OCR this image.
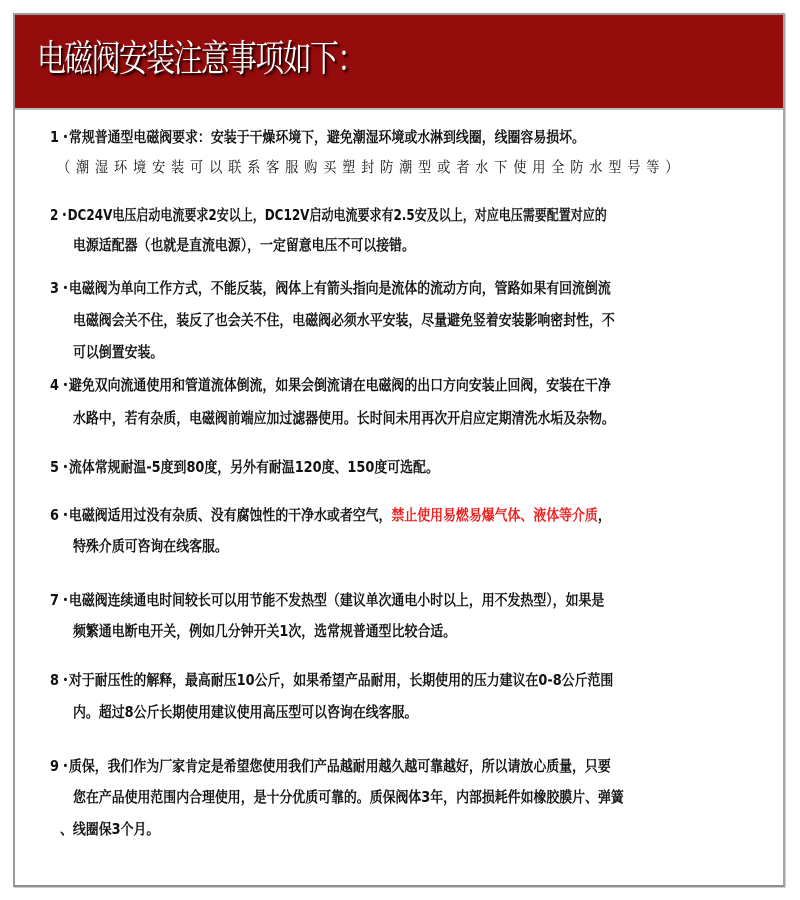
电磁阀安装注意事项如下：
1・常规普通型电磁阀要求：安装于干燥环境下，避免潮湿环境或水淋到线圈，线圈容易损坏。
（潮湿环境安装可以联系客服购买塑封防潮型或者水下使用全防水型号等）
2・DC24V电压启动电流要求2安以上，DC12V启动电流要求有2.5安及以上，对应电压需要配置对应的
电源适配器（也就是直流电源），一定留意电压不可以接错。
3・电磁阀为单向工作方式，不能反装，阀体上有箭头指向是流体的流动方向，管路如果有回流倒流
电磁阀会关不住，装反了也会关不住，电磁阀必须水平安装，尽量避免竖着安装影响密封性，不
可以倒置安装。
4・避免双向流通使用和管道流体倒流，如果会倒流请在电磁阀的出口方向安装止回阀，安装在干净
水路中，若有杂质，电磁阀前端应加过滤器使用。长时间未用再次开启应定期清洗水垢及杂物。
5・流体常规耐温-5度到80度，另外有耐温120度、150度可选配。
6・电磁阀适用过没有杂质、没有腐蚀性的干净水或者空气，禁止使用易燃易爆气体、液体等介质，
特殊介质可咨询在线客服。
7・电磁阀连续通电时间较长可以用节能不发热型（建议单次通电小时以上，用不发热型），如果是
频繁通电断电开关，例如几分钟开关1次，选常规普通型比较合适。
8・对于耐压性的解释，最高耐压10公斤，如果希望产品耐用，长期使用的压力建议在0-8公斤范围
内。超过8公斤长期使用建议使用高压型可以咨询在线客服。
9・质保，我们作为厂家肯定是希望您使用我们产品越耐用越久越可靠越好，所以请放心质量，只要
您在产品使用范围内合理使用，是十分优质可靠的。质保阀体3年，内部损耗件如橡胶膜片、弹簧
、线圈保3个月。
